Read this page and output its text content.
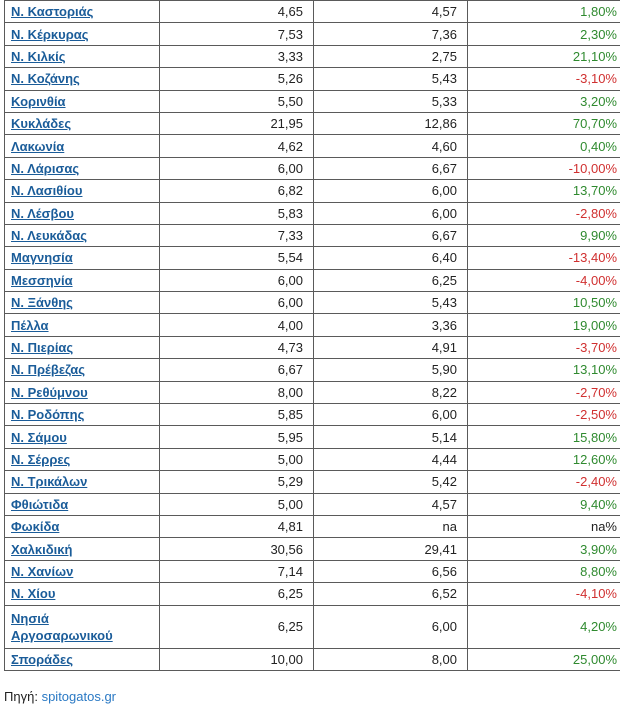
Ν. Καστοριάς	4,65	4,57	1,80%
Ν. Κέρκυρας	7,53	7,36	2,30%
Ν. Κιλκίς	3,33	2,75	21,10%
Ν. Κοζάνης	5,26	5,43	-3,10%
Κορινθία	5,50	5,33	3,20%
Κυκλάδες	21,95	12,86	70,70%
Λακωνία	4,62	4,60	0,40%
Ν. Λάρισας	6,00	6,67	-10,00%
Ν. Λασιθίου	6,82	6,00	13,70%
Ν. Λέσβου	5,83	6,00	-2,80%
Ν. Λευκάδας	7,33	6,67	9,90%
Μαγνησία	5,54	6,40	-13,40%
Μεσσηνία	6,00	6,25	-4,00%
Ν. Ξάνθης	6,00	5,43	10,50%
Πέλλα	4,00	3,36	19,00%
Ν. Πιερίας	4,73	4,91	-3,70%
Ν. Πρέβεζας	6,67	5,90	13,10%
Ν. Ρεθύμνου	8,00	8,22	-2,70%
Ν. Ροδόπης	5,85	6,00	-2,50%
Ν. Σάμου	5,95	5,14	15,80%
Ν. Σέρρες	5,00	4,44	12,60%
Ν. Τρικάλων	5,29	5,42	-2,40%
Φθιώτιδα	5,00	4,57	9,40%
Φωκίδα	4,81	na	na%
Χαλκιδική	30,56	29,41	3,90%
Ν. Χανίων	7,14	6,56	8,80%
Ν. Χίου	6,25	6,52	-4,10%
Νησιά Αργοσαρωνικού	6,25	6,00	4,20%
Σποράδες	10,00	8,00	25,00%
Πηγή: spitogatos.gr
